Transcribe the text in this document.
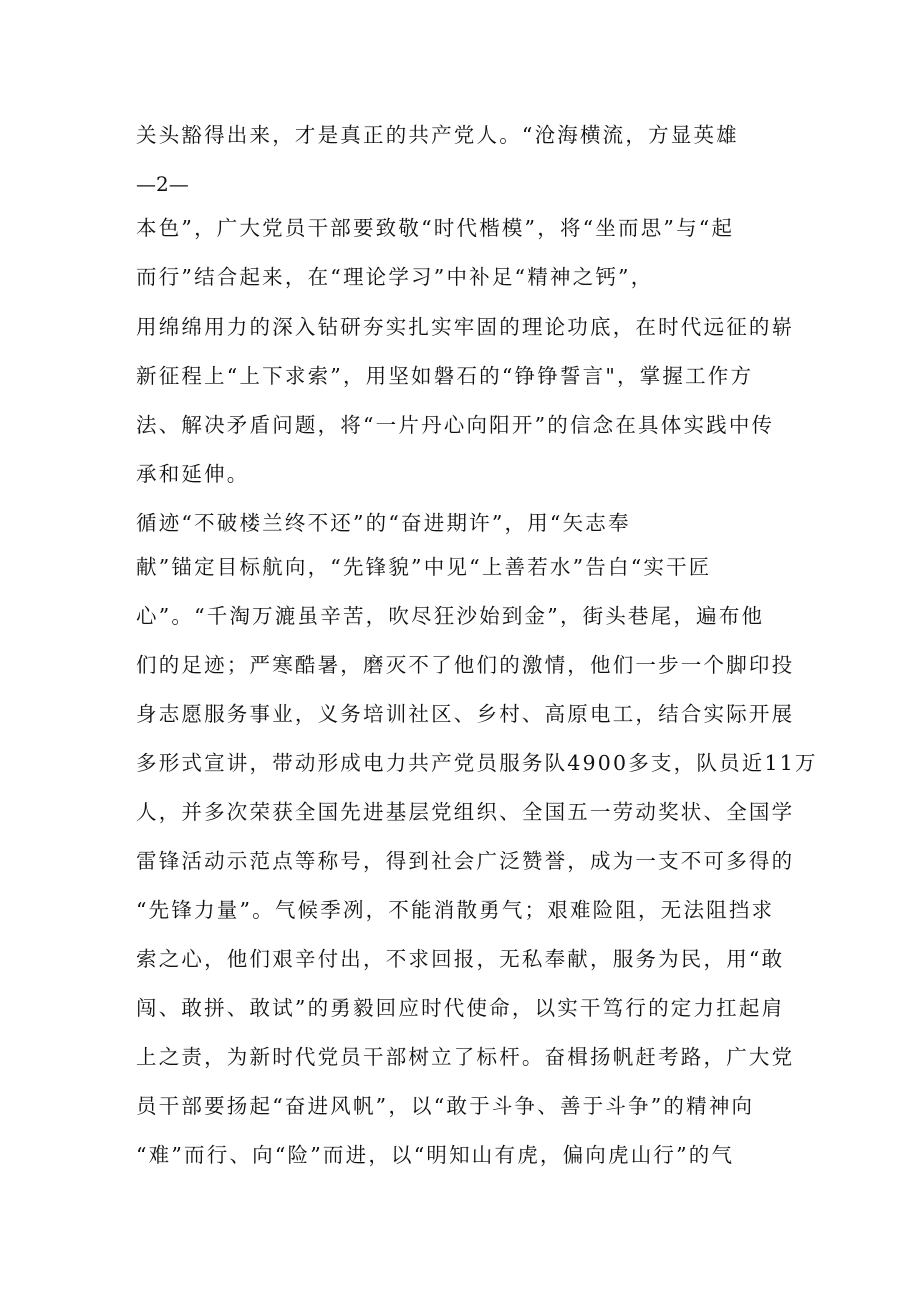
关头豁得出来，才是真正的共产党人。“沧海横流，方显英雄
—2—
本色”，广大党员干部要致敬“时代楷模”，将“坐而思”与“起
而行”结合起来，在“理论学习”中补足“精神之钙”，
用绵绵用力的深入钻研夯实扎实牢固的理论功底，在时代远征的崭
新征程上“上下求索”，用坚如磐石的“铮铮誓言"，掌握工作方
法、解决矛盾问题，将“一片丹心向阳开”的信念在具体实践中传
承和延伸。
循迹“不破楼兰终不还”的“奋进期许”，用“矢志奉
献”锚定目标航向，“先锋貌”中见“上善若水”告白“实干匠
心”。“千淘万漉虽辛苦，吹尽狂沙始到金”，街头巷尾，遍布他
们的足迹；严寒酷暑，磨灭不了他们的激情，他们一步一个脚印投
身志愿服务事业，义务培训社区、乡村、高原电工，结合实际开展
多形式宣讲，带动形成电力共产党员服务队4900多支，队员近11万
人，并多次荣获全国先进基层党组织、全国五一劳动奖状、全国学
雷锋活动示范点等称号，得到社会广泛赞誉，成为一支不可多得的
“先锋力量”。气候季冽，不能消散勇气；艰难险阻，无法阻挡求
索之心，他们艰辛付出，不求回报，无私奉献，服务为民，用“敢
闯、敢拼、敢试”的勇毅回应时代使命，以实干笃行的定力扛起肩
上之责，为新时代党员干部树立了标杆。奋楫扬帆赶考路，广大党
员干部要扬起“奋进风帆”，以“敢于斗争、善于斗争”的精神向
“难”而行、向“险”而进，以“明知山有虎，偏向虎山行”的气
